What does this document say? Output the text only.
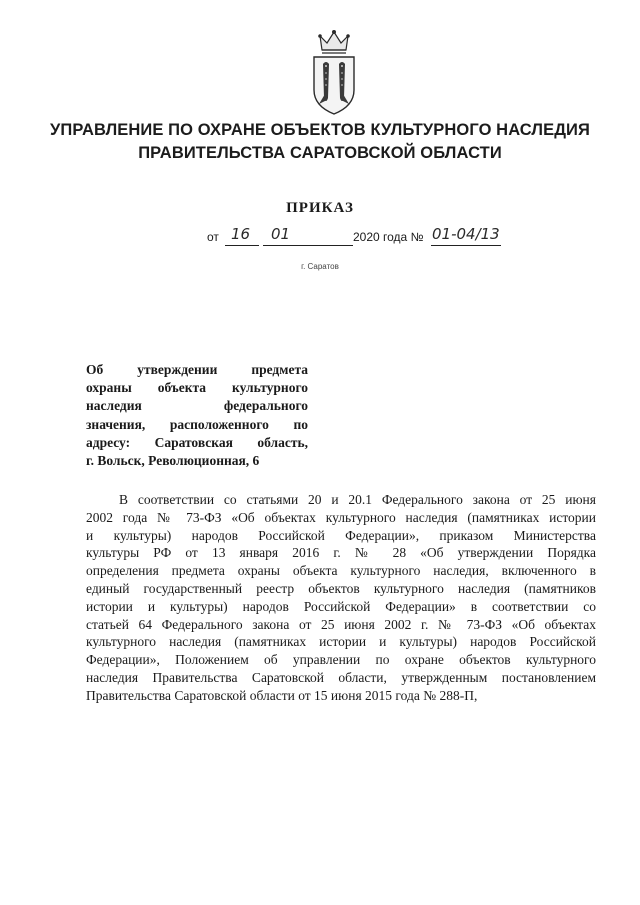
УПРАВЛЕНИЕ ПО ОХРАНЕ ОБЪЕКТОВ КУЛЬТУРНОГО НАСЛЕДИЯ
ПРАВИТЕЛЬСТВА САРАТОВСКОЙ ОБЛАСТИ
ПРИКАЗ
от 16 01	2020 года № 01-04/13
г. Саратов
Об утверждении предмета
охраны объекта культурного
наследия федерального
значения, расположенного по
адресу: Саратовская область,
г. Вольск, Революционная, 6
В соответствии со статьями 20 и 20.1 Федерального закона от 25 июня
2002 года № 73-ФЗ «Об объектах культурного наследия (памятниках истории
и культуры) народов Российской Федерации», приказом Министерства
культуры РФ от 13 января 2016 г. № 28 «Об утверждении Порядка
определения предмета охраны объекта культурного наследия, включенного в
единый государственный реестр объектов культурного наследия (памятников
истории и культуры) народов Российской Федерации» в соответствии со
статьей 64 Федерального закона от 25 июня 2002 г. № 73-ФЗ «Об объектах
культурного наследия (памятниках истории и культуры) народов Российской
Федерации», Положением об управлении по охране объектов культурного
наследия Правительства Саратовской области, утвержденным постановлением
Правительства Саратовской области от 15 июня 2015 года № 288-П,
